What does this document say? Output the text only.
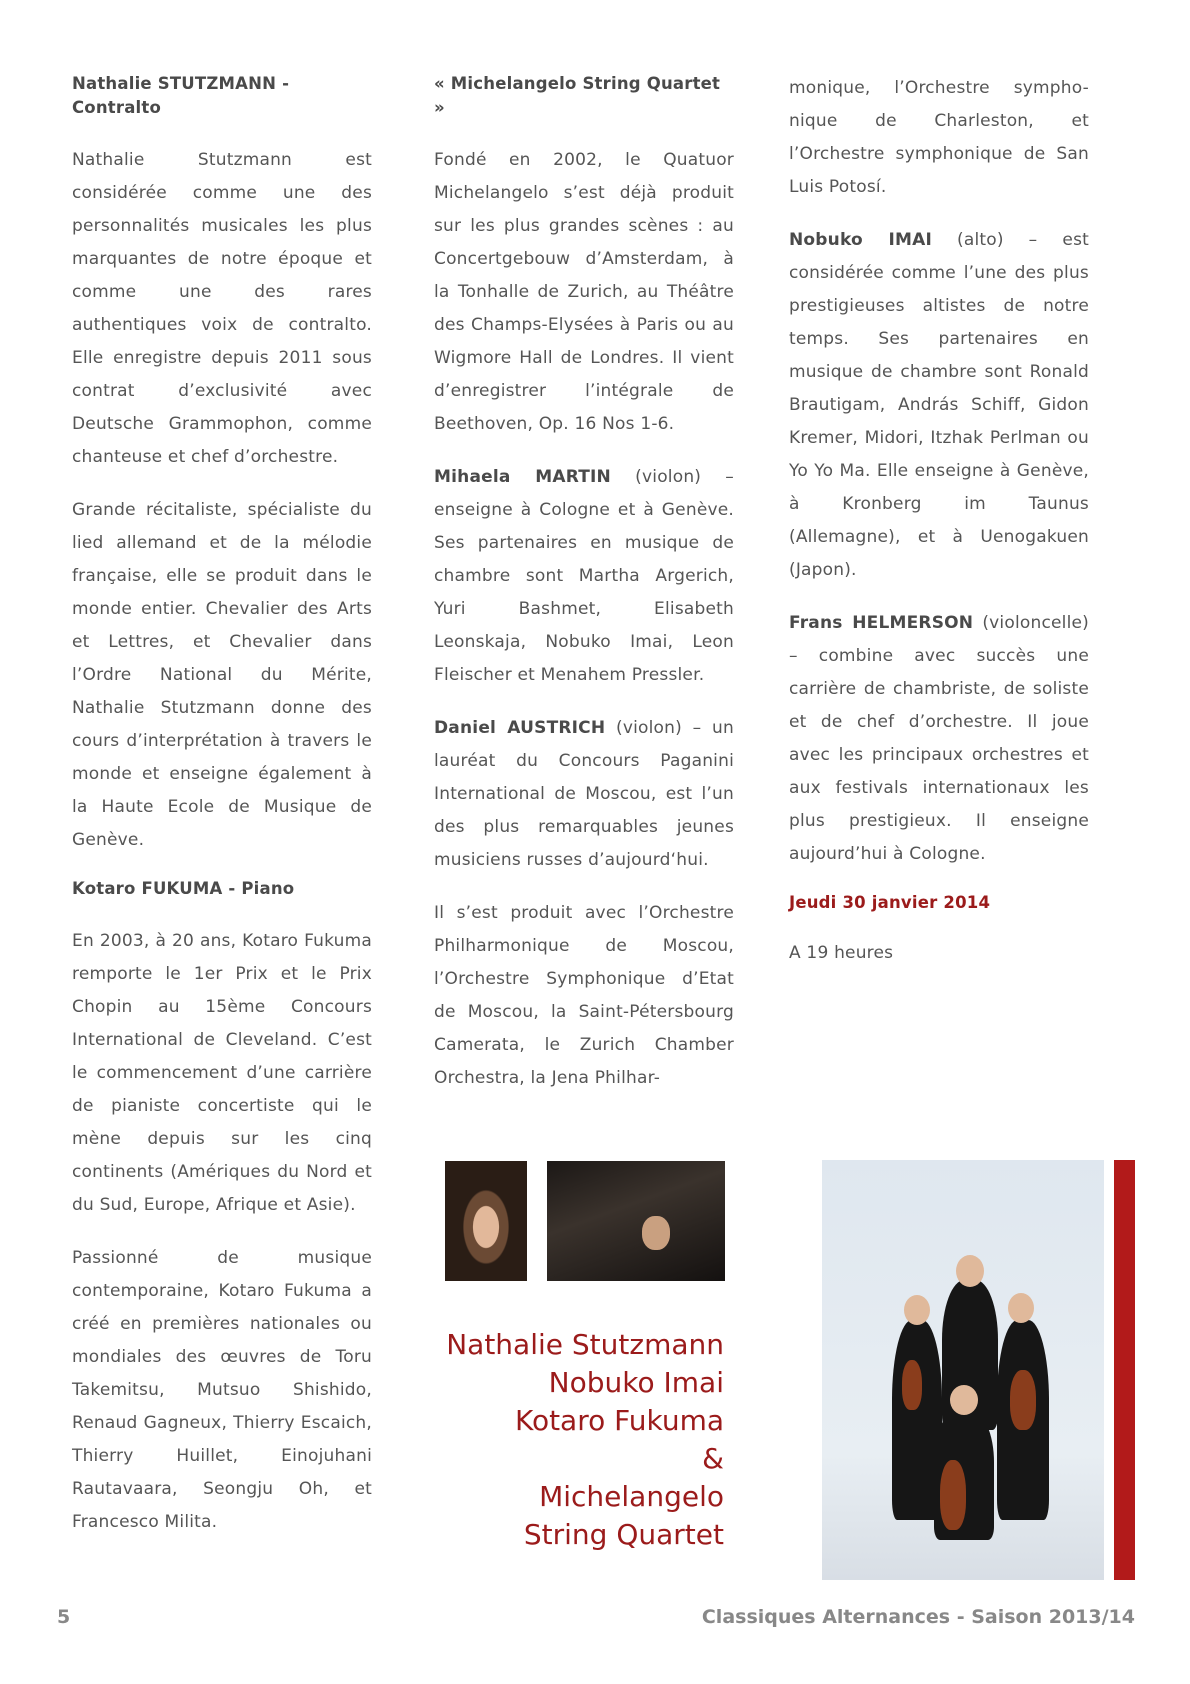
Nathalie STUTZMANN - Contralto

Nathalie Stutzmann est considérée comme une des personnalités musicales les plus marquantes de notre époque et comme une des rares authentiques voix de contralto. Elle enregistre depuis 2011 sous contrat d’exclusivité avec Deutsche Grammophon, comme chanteuse et chef d’orchestre.

Grande récitaliste, spécialiste du lied allemand et de la mélodie française, elle se produit dans le monde entier. Chevalier des Arts et Lettres, et Chevalier dans l’Ordre National du Mérite, Nathalie Stutzmann donne des cours d’interprétation à travers le monde et enseigne également à la Haute Ecole de Musique de Genève.

Kotaro FUKUMA - Piano

En 2003, à 20 ans, Kotaro Fukuma remporte le 1er Prix et le Prix Chopin au 15ème Concours International de Cleveland. C’est le commencement d’une carrière de pianiste concertiste qui le mène depuis sur les cinq continents (Amériques du Nord et du Sud, Europe, Afrique et Asie).

Passionné de musique contemporaine, Kotaro Fukuma a créé en premières nationales ou mondiales des œuvres de Toru Takemitsu, Mutsuo Shishido, Renaud Gagneux, Thierry Escaich, Thierry Huillet, Einojuhani Rautavaara, Seongju Oh, et Francesco Milita.

« Michelangelo String Quartet »

Fondé en 2002, le Quatuor Michelangelo s’est déjà produit sur les plus grandes scènes : au Concertgebouw d’Amsterdam, à la Tonhalle de Zurich, au Théâtre des Champs-Elysées à Paris ou au Wigmore Hall de Londres. Il vient d’enregistrer l’intégrale de Beethoven, Op. 16 Nos 1-6.

Mihaela MARTIN (violon) – enseigne à Cologne et à Genève. Ses partenaires en musique de chambre sont Martha Argerich, Yuri Bashmet, Elisabeth Leonskaja, Nobuko Imai, Leon Fleischer et Menahem Pressler.

Daniel AUSTRICH (violon) – un lauréat du Concours Paganini International de Moscou, est l’un des plus remarquables jeunes musiciens russes d’aujourd‘hui.

Il s’est produit avec l’Orchestre Philharmonique de Moscou, l’Orchestre Symphonique d’Etat de Moscou, la Saint-Pétersbourg Camerata, le Zurich Chamber Orchestra, la Jena Philhar-

monique, l’Orchestre sympho-nique de Charleston, et l’Orchestre symphonique de San Luis Potosí.

Nobuko IMAI (alto) – est considérée comme l’une des plus prestigieuses altistes de notre temps. Ses partenaires en musique de chambre sont Ronald Brautigam, András Schiff, Gidon Kremer, Midori, Itzhak Perlman ou Yo Yo Ma. Elle enseigne à Genève, à Kronberg im Taunus (Allemagne), et à Uenogakuen (Japon).

Frans HELMERSON (violoncelle) – combine avec succès une carrière de chambriste, de soliste et de chef d’orchestre. Il joue avec les principaux orchestres et aux festivals internationaux les plus prestigieux. Il enseigne aujourd’hui à Cologne.

Jeudi 30 janvier 2014

A 19 heures

Nathalie Stutzmann
Nobuko Imai
Kotaro Fukuma
&
Michelangelo
String Quartet
5	Classiques Alternances - Saison 2013/14
